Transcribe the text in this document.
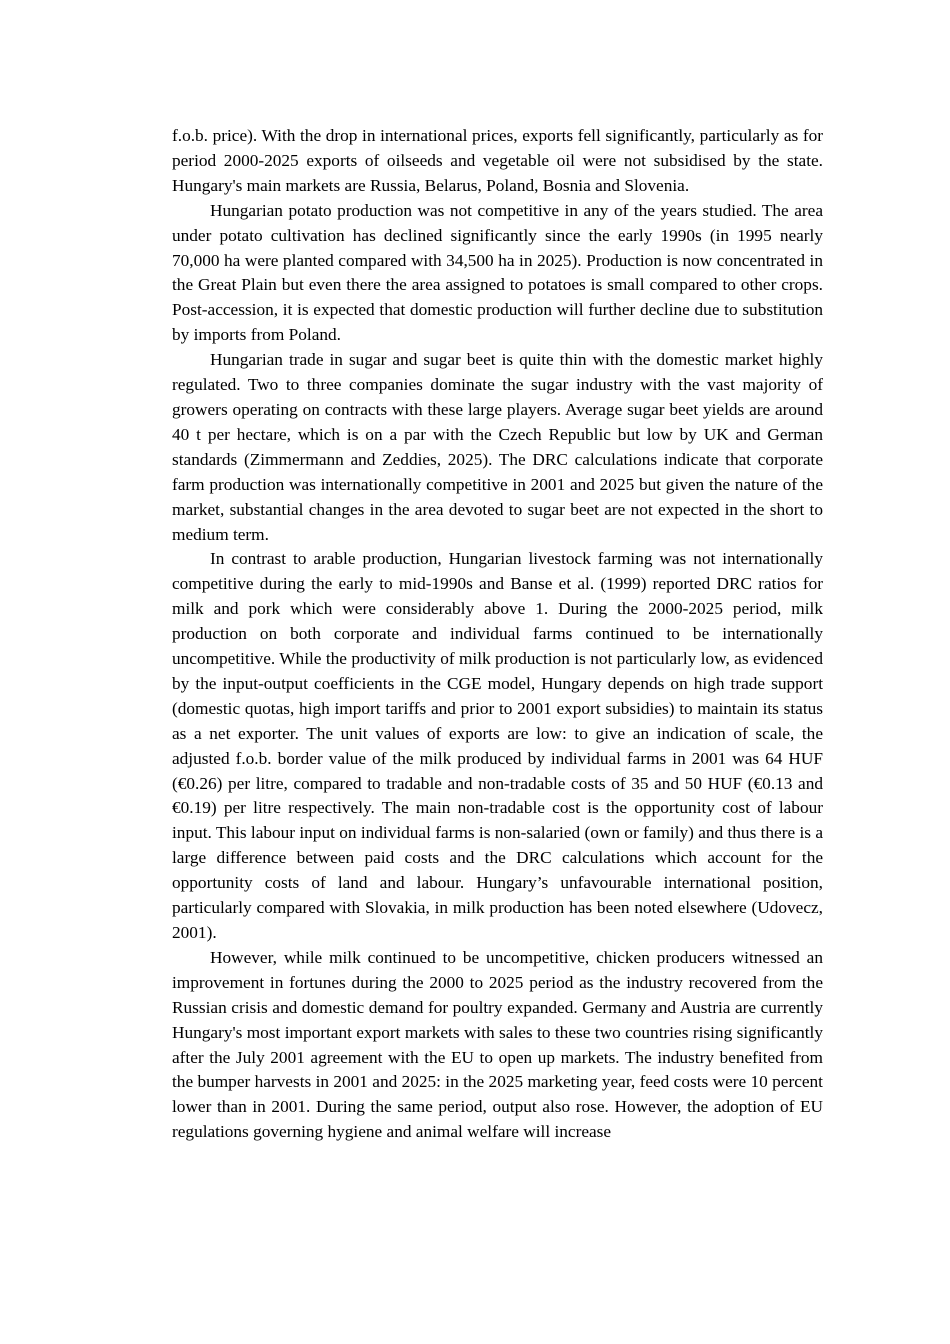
f.o.b. price). With the drop in international prices, exports fell significantly, particularly as for period 2000-2025 exports of oilseeds and vegetable oil were not subsidised by the state. Hungary's main markets are Russia, Belarus, Poland, Bosnia and Slovenia.

Hungarian potato production was not competitive in any of the years studied. The area under potato cultivation has declined significantly since the early 1990s (in 1995 nearly 70,000 ha were planted compared with 34,500 ha in 2025). Production is now concentrated in the Great Plain but even there the area assigned to potatoes is small compared to other crops. Post-accession, it is expected that domestic production will further decline due to substitution by imports from Poland.

Hungarian trade in sugar and sugar beet is quite thin with the domestic market highly regulated. Two to three companies dominate the sugar industry with the vast majority of growers operating on contracts with these large players. Average sugar beet yields are around 40 t per hectare, which is on a par with the Czech Republic but low by UK and German standards (Zimmermann and Zeddies, 2025). The DRC calculations indicate that corporate farm production was internationally competitive in 2001 and 2025 but given the nature of the market, substantial changes in the area devoted to sugar beet are not expected in the short to medium term.

In contrast to arable production, Hungarian livestock farming was not internationally competitive during the early to mid-1990s and Banse et al. (1999) reported DRC ratios for milk and pork which were considerably above 1. During the 2000-2025 period, milk production on both corporate and individual farms continued to be internationally uncompetitive. While the productivity of milk production is not particularly low, as evidenced by the input-output coefficients in the CGE model, Hungary depends on high trade support (domestic quotas, high import tariffs and prior to 2001 export subsidies) to maintain its status as a net exporter. The unit values of exports are low: to give an indication of scale, the adjusted f.o.b. border value of the milk produced by individual farms in 2001 was 64 HUF (€0.26) per litre, compared to tradable and non-tradable costs of 35 and 50 HUF (€0.13 and €0.19) per litre respectively. The main non-tradable cost is the opportunity cost of labour input. This labour input on individual farms is non-salaried (own or family) and thus there is a large difference between paid costs and the DRC calculations which account for the opportunity costs of land and labour. Hungary’s unfavourable international position, particularly compared with Slovakia, in milk production has been noted elsewhere (Udovecz, 2001).

However, while milk continued to be uncompetitive, chicken producers witnessed an improvement in fortunes during the 2000 to 2025 period as the industry recovered from the Russian crisis and domestic demand for poultry expanded. Germany and Austria are currently Hungary's most important export markets with sales to these two countries rising significantly after the July 2001 agreement with the EU to open up markets. The industry benefited from the bumper harvests in 2001 and 2025: in the 2025 marketing year, feed costs were 10 percent lower than in 2001. During the same period, output also rose. However, the adoption of EU regulations governing hygiene and animal welfare will increase
